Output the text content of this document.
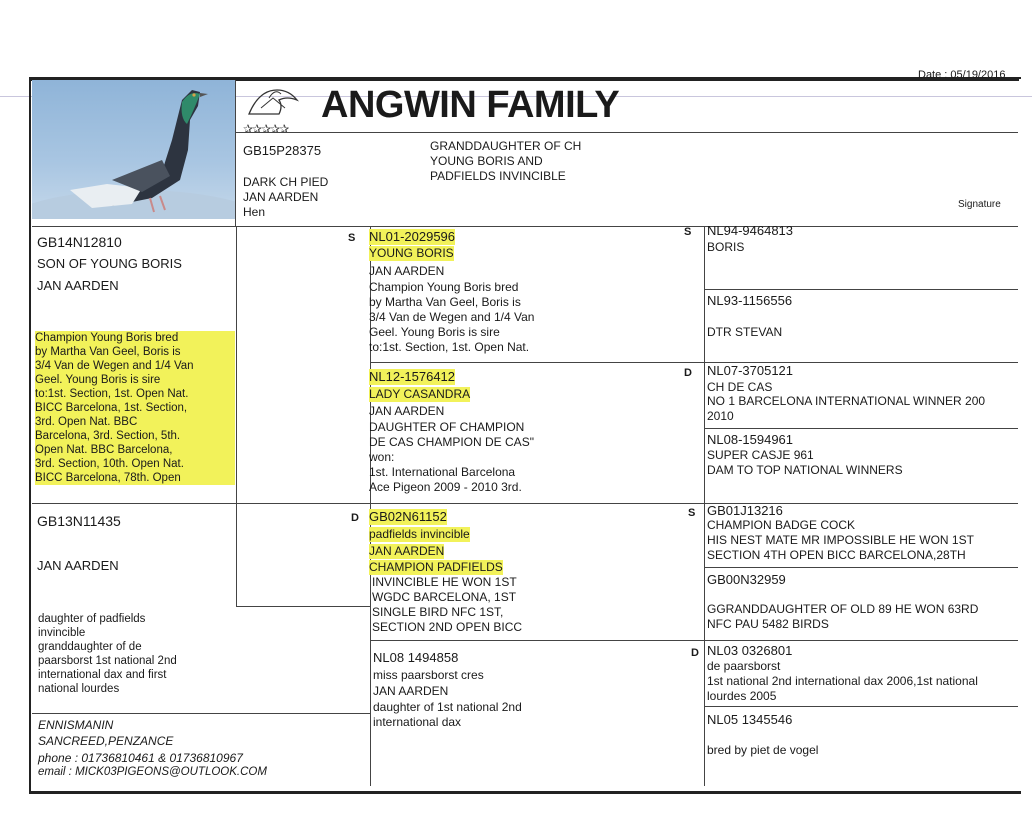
Date : 05/19/2016
✰✰✰✰✰
ANGWIN FAMILY
GB15P28375	GRANDDAUGHTER OF CH
YOUNG BORIS AND
PADFIELDS INVINCIBLE
DARK CH PIED
JAN AARDEN
Hen
Signature
GB14N12810
SON OF YOUNG BORIS
JAN AARDEN
Champion Young Boris bred
by Martha Van Geel, Boris is
3/4 Van de Wegen and 1/4 Van
Geel. Young Boris is sire
to:1st. Section, 1st. Open Nat.
BICC Barcelona, 1st. Section,
3rd. Open Nat. BBC
Barcelona, 3rd. Section, 5th.
Open Nat. BBC Barcelona,
3rd. Section, 10th. Open Nat.
BICC Barcelona, 78th. Open
GB13N11435
JAN AARDEN
daughter of padfields
invincible
granddaughter of de
paarsborst 1st national 2nd
international dax and first
national lourdes
ENNISMANIN
SANCREED,PENZANCE
phone : 01736810461 & 01736810967
email : MICK03PIGEONS@OUTLOOK.COM
S NL01-2029596
YOUNG BORIS
JAN AARDEN
Champion Young Boris bred
by Martha Van Geel, Boris is
3/4 Van de Wegen and 1/4 Van
Geel. Young Boris is sire
to:1st. Section, 1st. Open Nat.
D
NL12-1576412
LADY CASANDRA
JAN AARDEN
DAUGHTER OF CHAMPION
DE CAS CHAMPION DE CAS"
won:
1st. International Barcelona
Ace Pigeon 2009 - 2010 3rd.
D GB02N61152
padfields invincible
JAN AARDEN
CHAMPION PADFIELDS
INVINCIBLE HE WON 1ST
WGDC BARCELONA, 1ST
SINGLE BIRD NFC 1ST,
SECTION 2ND OPEN BICC
NL08 1494858
miss paarsborst cres
JAN AARDEN
daughter of 1st national 2nd
international dax
S NL94-9464813
BORIS
NL93-1156556
DTR STEVAN
NL07-3705121
CH DE CAS
NO 1 BARCELONA INTERNATIONAL WINNER 200
2010
NL08-1594961
SUPER CASJE 961
DAM TO TOP NATIONAL WINNERS
S GB01J13216
CHAMPION BADGE COCK
HIS NEST MATE MR IMPOSSIBLE HE WON 1ST
SECTION 4TH OPEN BICC BARCELONA,28TH
GB00N32959
GGRANDDAUGHTER OF OLD 89 HE WON 63RD
NFC PAU 5482 BIRDS
D NL03 0326801
de paarsborst
1st national 2nd international dax 2006,1st national
lourdes 2005
NL05 1345546
bred by piet de vogel
